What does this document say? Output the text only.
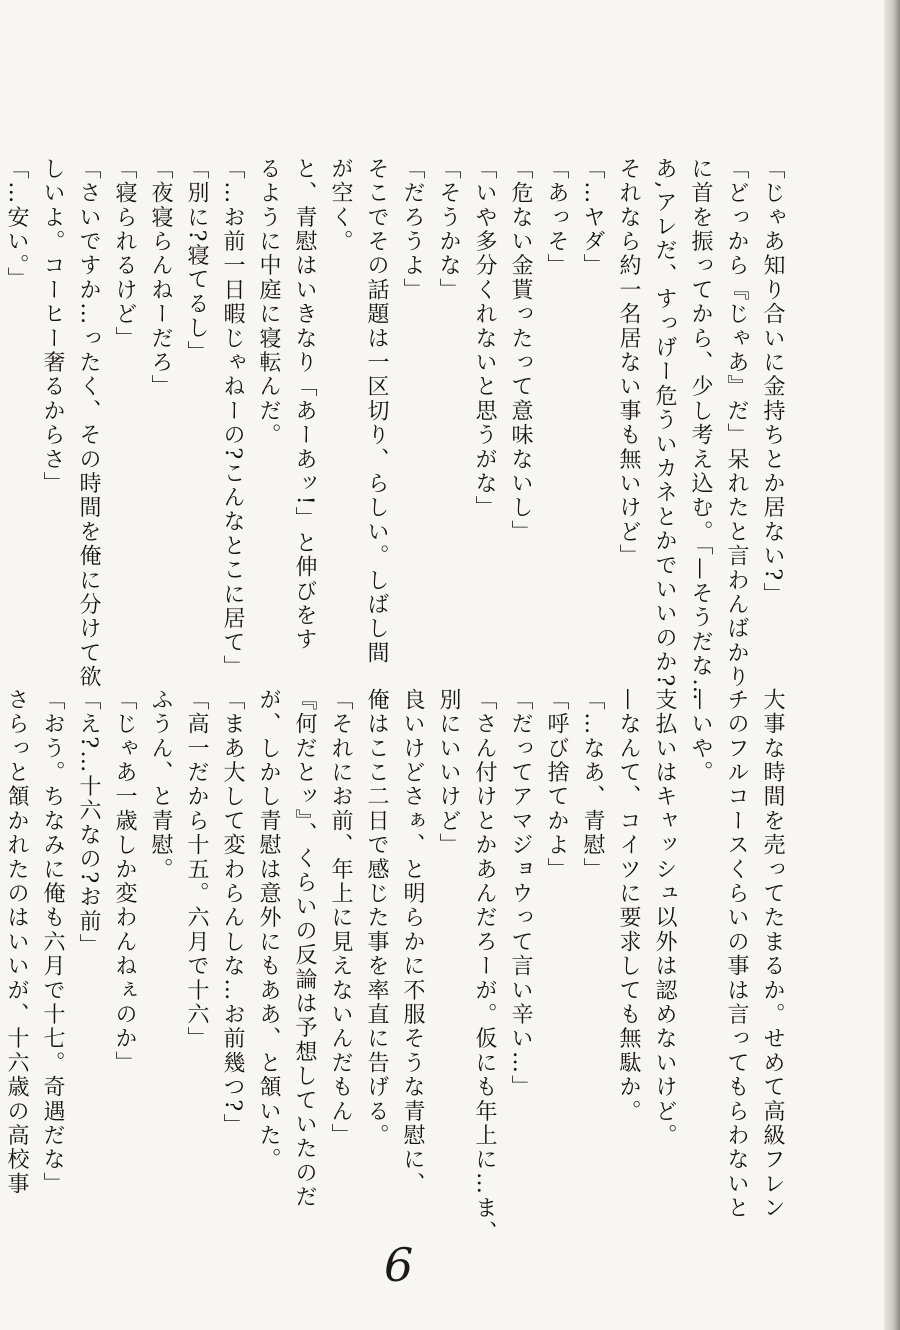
「じゃあ知り合いに金持ちとか居ない?」
「どっから『じゃあ』だ」呆れたと言わんばかり
に首を振ってから、少し考え込む。「—そうだな…
あ,アレだ、すっげー危ういカネとかでいいのか?
それなら約一名居ない事も無いけど」
「…ヤダ」
「あっそ」
「危ない金貰ったって意味ないし」
「いや多分くれないと思うがな」
「そうかな」
「だろうよ」
そこでその話題は一区切り、らしい。しばし間
が空く。
と、青慰はいきなり「あーあッ!」と伸びをす
るように中庭に寝転んだ。
「…お前一日暇じゃねーの?こんなとこに居て」
「別に?寝てるし」
「夜寝らんねーだろ」
「寝られるけど」
「さいですか…ったく、その時間を俺に分けて欲
しいよ。コーヒー奢るからさ」
「…安い。」
大事な時間を売ってたまるか。せめて高級フレン
チのフルコースくらいの事は言ってもらわないと
—いや。
支払いはキャッシュ以外は認めないけど。
—なんて、コイツに要求しても無駄か。
「…なあ、青慰」
「呼び捨てかよ」
「だってアマジョウって言い辛い…」
「さん付けとかあんだろーが。仮にも年上に…ま、
別にいいけど」
良いけどさぁ、と明らかに不服そうな青慰に、
俺はここ二日で感じた事を率直に告げる。
「それにお前、年上に見えないんだもん」
『何だとッ』、くらいの反論は予想していたのだ
が、しかし青慰は意外にもああ、と頷いた。
「まあ大して変わらんしな…お前幾つ?」
「高一だから十五。六月で十六」
ふうん、と青慰。
「じゃあ一歳しか変わんねぇのか」
「え?…十六なの?お前」
「おう。ちなみに俺も六月で十七。奇遇だな」
さらっと頷かれたのはいいが、十六歳の高校事
6
